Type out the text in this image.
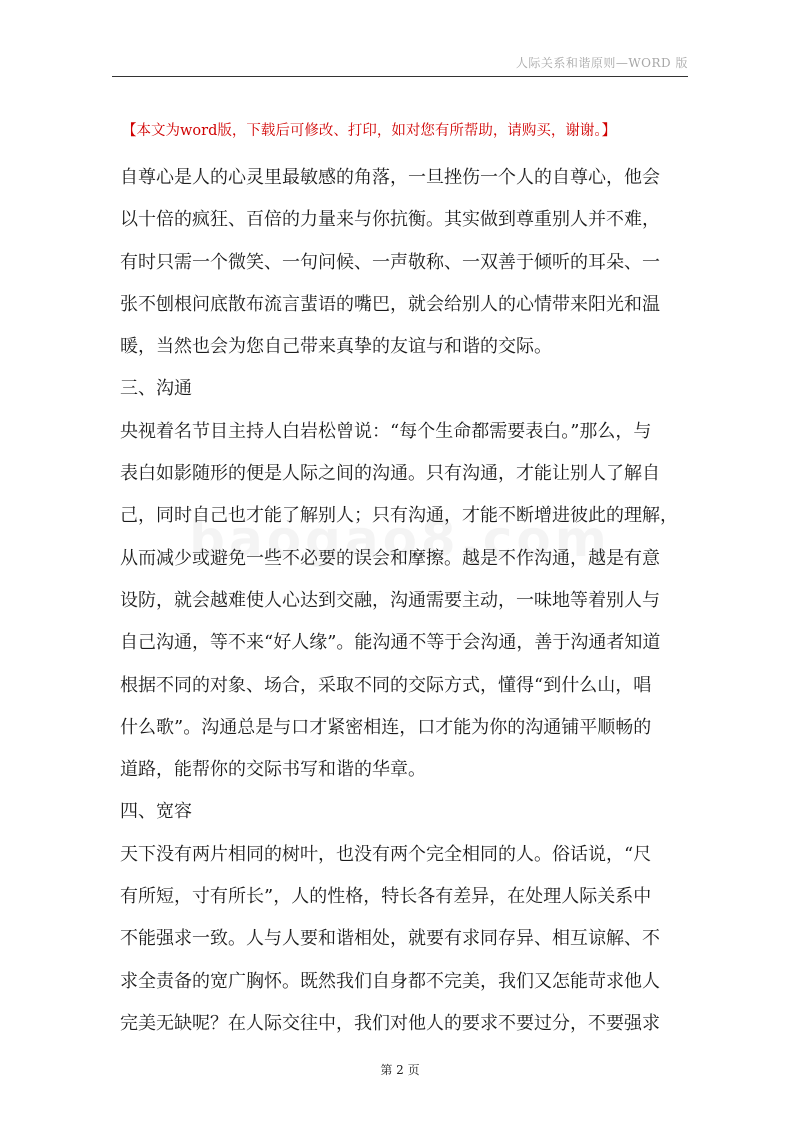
人际关系和谐原则—WORD 版
【本文为word版，下载后可修改、打印，如对您有所帮助，请购买，谢谢。】
自尊心是人的心灵里最敏感的角落，一旦挫伤一个人的自尊心，他会
以十倍的疯狂、百倍的力量来与你抗衡。其实做到尊重别人并不难，
有时只需一个微笑、一句问候、一声敬称、一双善于倾听的耳朵、一
张不刨根问底散布流言蜚语的嘴巴，就会给别人的心情带来阳光和温
暖，当然也会为您自己带来真挚的友谊与和谐的交际。
三、沟通
央视着名节目主持人白岩松曾说：“每个生命都需要表白。”那么，与
表白如影随形的便是人际之间的沟通。只有沟通，才能让别人了解自
己，同时自己也才能了解别人；只有沟通，才能不断增进彼此的理解，
从而减少或避免一些不必要的误会和摩擦。越是不作沟通，越是有意
设防，就会越难使人心达到交融，沟通需要主动，一味地等着别人与
自己沟通，等不来“好人缘”。能沟通不等于会沟通，善于沟通者知道
根据不同的对象、场合，采取不同的交际方式，懂得“到什么山，唱
什么歌”。沟通总是与口才紧密相连，口才能为你的沟通铺平顺畅的
道路，能帮你的交际书写和谐的华章。
四、宽容
天下没有两片相同的树叶，也没有两个完全相同的人。俗话说，“尺
有所短，寸有所长”，人的性格，特长各有差异，在处理人际关系中
不能强求一致。人与人要和谐相处，就要有求同存异、相互谅解、不
求全责备的宽广胸怀。既然我们自身都不完美，我们又怎能苛求他人
完美无缺呢？在人际交往中，我们对他人的要求不要过分，不要强求
第 2 页
